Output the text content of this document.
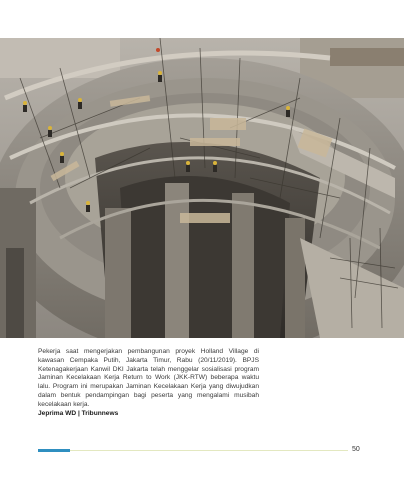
Pekerja saat mengerjakan pembangunan proyek Holland Village di kawasan Cempaka Putih, Jakarta Timur, Rabu (20/11/2019). BPJS Ketenagakerjaan Kanwil DKI Jakarta telah menggelar sosialisasi program Jaminan Kecelakaan Kerja Return to Work (JKK-RTW) beberapa waktu lalu. Program ini merupakan Jaminan Kecelakaan Kerja yang diwujudkan dalam bentuk pendampingan bagi peserta yang mengalami musibah kecelakaan kerja.

Jeprima WD | Tribunnews
50
